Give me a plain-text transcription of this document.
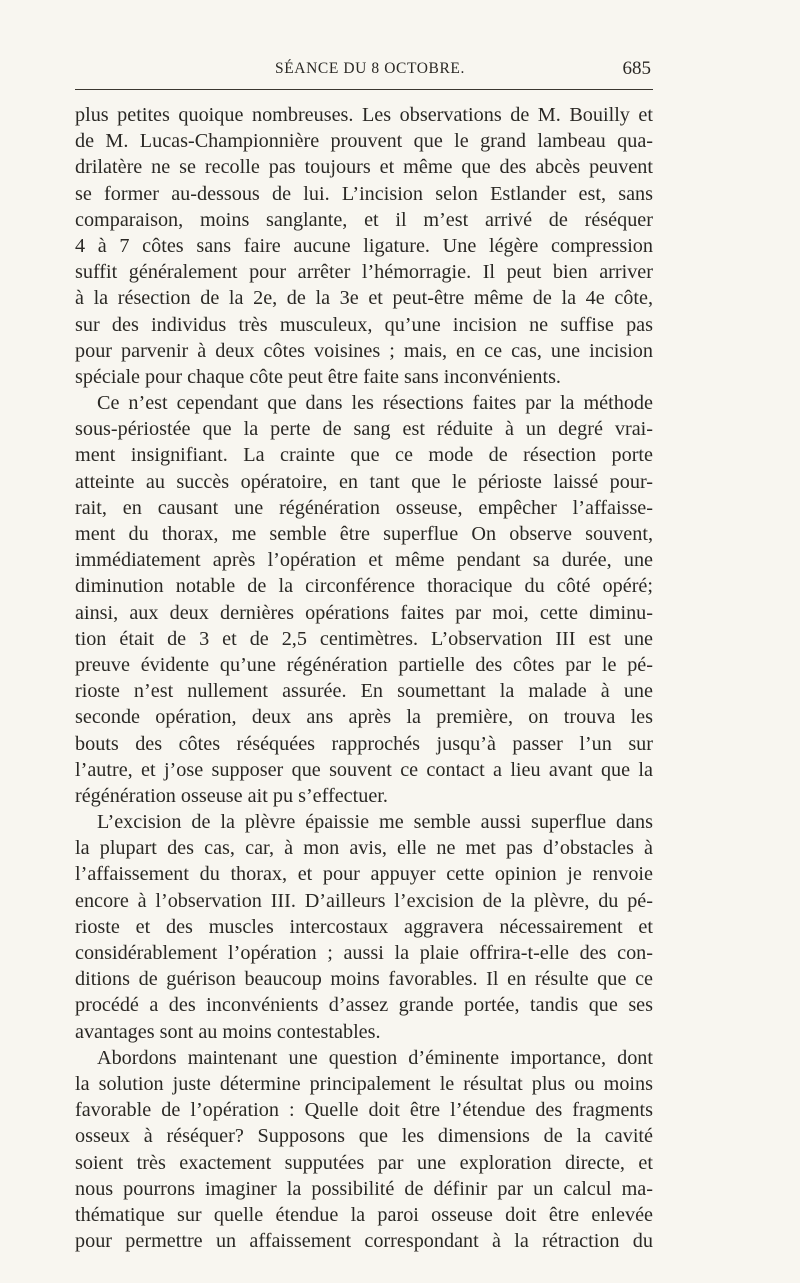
SÉANCE DU 8 OCTOBRE.	685
plus petites quoique nombreuses. Les observations de M. Bouilly et
de M. Lucas-Championnière prouvent que le grand lambeau qua-
drilatère ne se recolle pas toujours et même que des abcès peuvent
se former au-dessous de lui. L’incision selon Estlander est, sans
comparaison, moins sanglante, et il m’est arrivé de réséquer
4 à 7 côtes sans faire aucune ligature. Une légère compression
suffit généralement pour arrêter l’hémorragie. Il peut bien arriver
à la résection de la 2e, de la 3e et peut-être même de la 4e côte,
sur des individus très musculeux, qu’une incision ne suffise pas
pour parvenir à deux côtes voisines ; mais, en ce cas, une incision
spéciale pour chaque côte peut être faite sans inconvénients.
Ce n’est cependant que dans les résections faites par la méthode
sous-périostée que la perte de sang est réduite à un degré vrai-
ment insignifiant. La crainte que ce mode de résection porte
atteinte au succès opératoire, en tant que le périoste laissé pour-
rait, en causant une régénération osseuse, empêcher l’affaisse-
ment du thorax, me semble être superflue On observe souvent,
immédiatement après l’opération et même pendant sa durée, une
diminution notable de la circonférence thoracique du côté opéré;
ainsi, aux deux dernières opérations faites par moi, cette diminu-
tion était de 3 et de 2,5 centimètres. L’observation III est une
preuve évidente qu’une régénération partielle des côtes par le pé-
rioste n’est nullement assurée. En soumettant la malade à une
seconde opération, deux ans après la première, on trouva les
bouts des côtes réséquées rapprochés jusqu’à passer l’un sur
l’autre, et j’ose supposer que souvent ce contact a lieu avant que la
régénération osseuse ait pu s’effectuer.
L’excision de la plèvre épaissie me semble aussi superflue dans
la plupart des cas, car, à mon avis, elle ne met pas d’obstacles à
l’affaissement du thorax, et pour appuyer cette opinion je renvoie
encore à l’observation III. D’ailleurs l’excision de la plèvre, du pé-
rioste et des muscles intercostaux aggravera nécessairement et
considérablement l’opération ; aussi la plaie offrira-t-elle des con-
ditions de guérison beaucoup moins favorables. Il en résulte que ce
procédé a des inconvénients d’assez grande portée, tandis que ses
avantages sont au moins contestables.
Abordons maintenant une question d’éminente importance, dont
la solution juste détermine principalement le résultat plus ou moins
favorable de l’opération : Quelle doit être l’étendue des fragments
osseux à réséquer? Supposons que les dimensions de la cavité
soient très exactement supputées par une exploration directe, et
nous pourrons imaginer la possibilité de définir par un calcul ma-
thématique sur quelle étendue la paroi osseuse doit être enlevée
pour permettre un affaissement correspondant à la rétraction du
